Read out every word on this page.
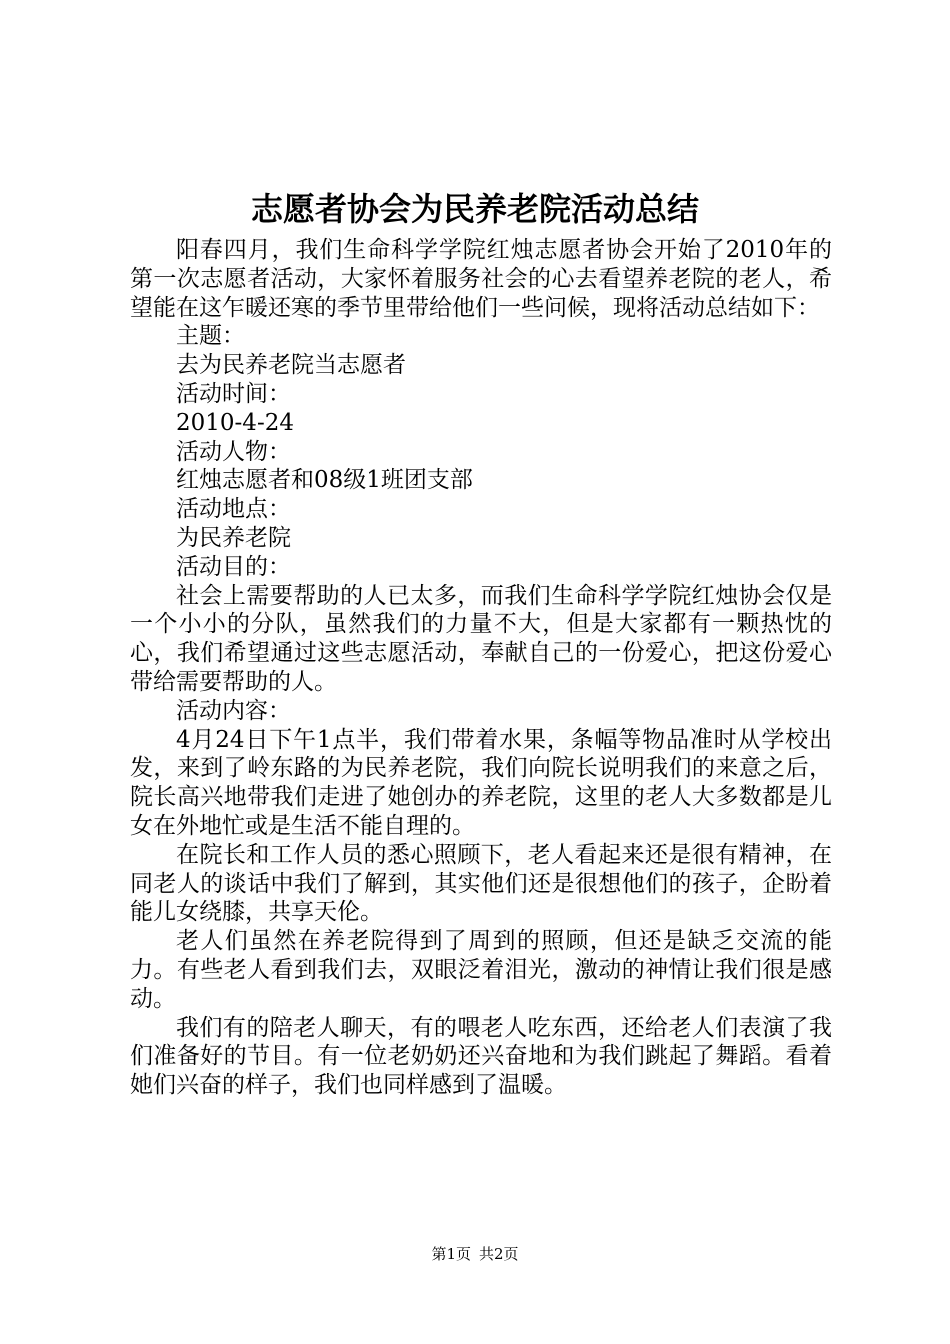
志愿者协会为民养老院活动总结

阳春四月，我们生命科学学院红烛志愿者协会开始了2010年的第一次志愿者活动，大家怀着服务社会的心去看望养老院的老人，希望能在这乍暖还寒的季节里带给他们一些问候，现将活动总结如下：

主题：

去为民养老院当志愿者

活动时间：

2010-4-24

活动人物：

红烛志愿者和08级1班团支部

活动地点：

为民养老院

活动目的：

社会上需要帮助的人已太多，而我们生命科学学院红烛协会仅是一个小小的分队，虽然我们的力量不大，但是大家都有一颗热忱的心，我们希望通过这些志愿活动，奉献自己的一份爱心，把这份爱心带给需要帮助的人。

活动内容：

4月24日下午1点半，我们带着水果，条幅等物品准时从学校出发，来到了岭东路的为民养老院，我们向院长说明我们的来意之后，院长高兴地带我们走进了她创办的养老院，这里的老人大多数都是儿女在外地忙或是生活不能自理的。

在院长和工作人员的悉心照顾下，老人看起来还是很有精神，在同老人的谈话中我们了解到，其实他们还是很想他们的孩子，企盼着能儿女绕膝，共享天伦。

老人们虽然在养老院得到了周到的照顾，但还是缺乏交流的能力。有些老人看到我们去，双眼泛着泪光，激动的神情让我们很是感动。

我们有的陪老人聊天，有的喂老人吃东西，还给老人们表演了我们准备好的节目。有一位老奶奶还兴奋地和为我们跳起了舞蹈。看着她们兴奋的样子，我们也同样感到了温暖。

第1页 共2页
